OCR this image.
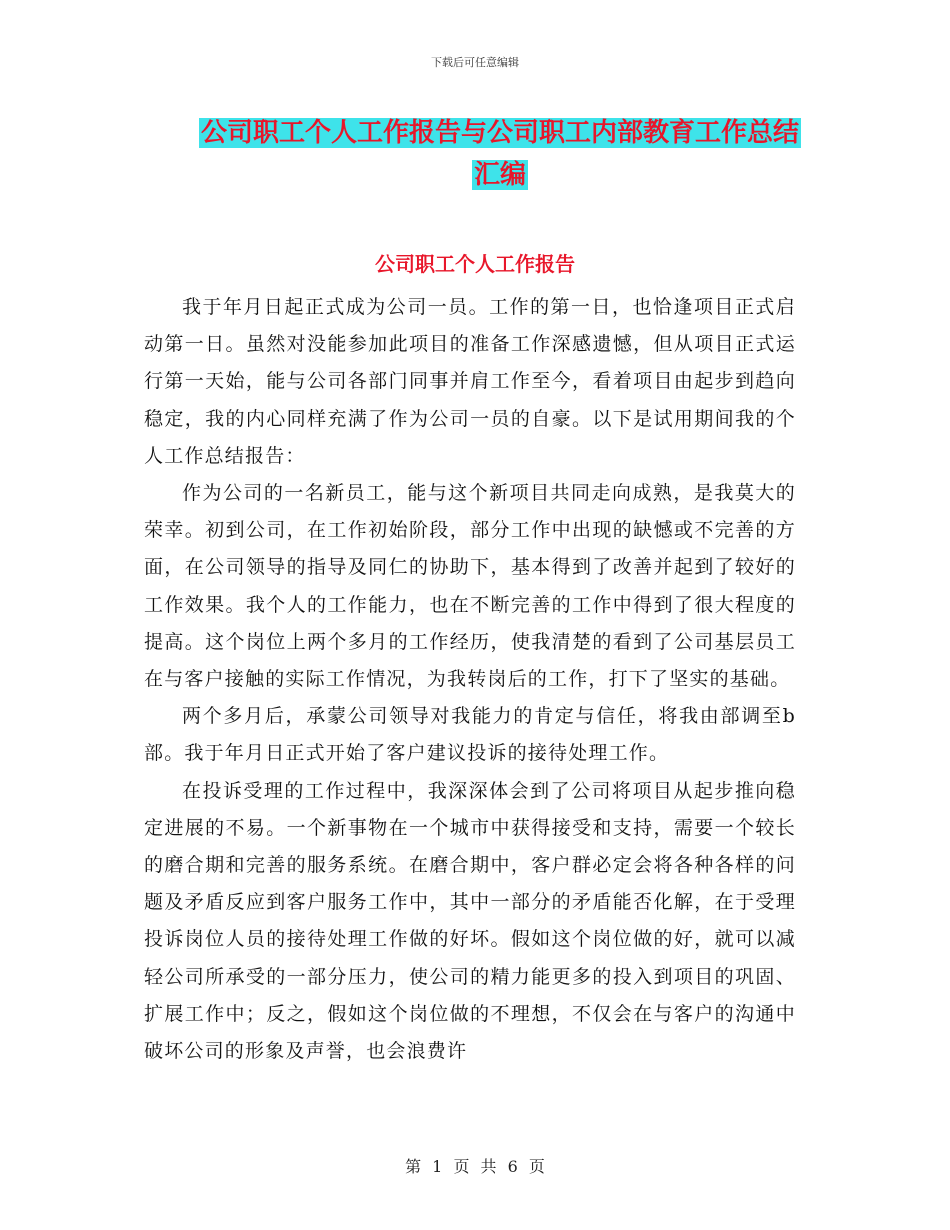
下载后可任意编辑
公司职工个人工作报告与公司职工内部教育工作总结
汇编
公司职工个人工作报告

我于年月日起正式成为公司一员。工作的第一日，也恰逢项目正式启动第一日。虽然对没能参加此项目的准备工作深感遗憾，但从项目正式运行第一天始，能与公司各部门同事并肩工作至今，看着项目由起步到趋向稳定，我的内心同样充满了作为公司一员的自豪。以下是试用期间我的个人工作总结报告：

作为公司的一名新员工，能与这个新项目共同走向成熟，是我莫大的荣幸。初到公司，在工作初始阶段，部分工作中出现的缺憾或不完善的方面，在公司领导的指导及同仁的协助下，基本得到了改善并起到了较好的工作效果。我个人的工作能力，也在不断完善的工作中得到了很大程度的提高。这个岗位上两个多月的工作经历，使我清楚的看到了公司基层员工在与客户接触的实际工作情况，为我转岗后的工作，打下了坚实的基础。

两个多月后，承蒙公司领导对我能力的肯定与信任，将我由部调至b部。我于年月日正式开始了客户建议投诉的接待处理工作。

在投诉受理的工作过程中，我深深体会到了公司将项目从起步推向稳定进展的不易。一个新事物在一个城市中获得接受和支持，需要一个较长的磨合期和完善的服务系统。在磨合期中，客户群必定会将各种各样的问题及矛盾反应到客户服务工作中，其中一部分的矛盾能否化解，在于受理投诉岗位人员的接待处理工作做的好坏。假如这个岗位做的好，就可以减轻公司所承受的一部分压力，使公司的精力能更多的投入到项目的巩固、扩展工作中；反之，假如这个岗位做的不理想，不仅会在与客户的沟通中破坏公司的形象及声誉，也会浪费许

第 1 页 共 6 页
